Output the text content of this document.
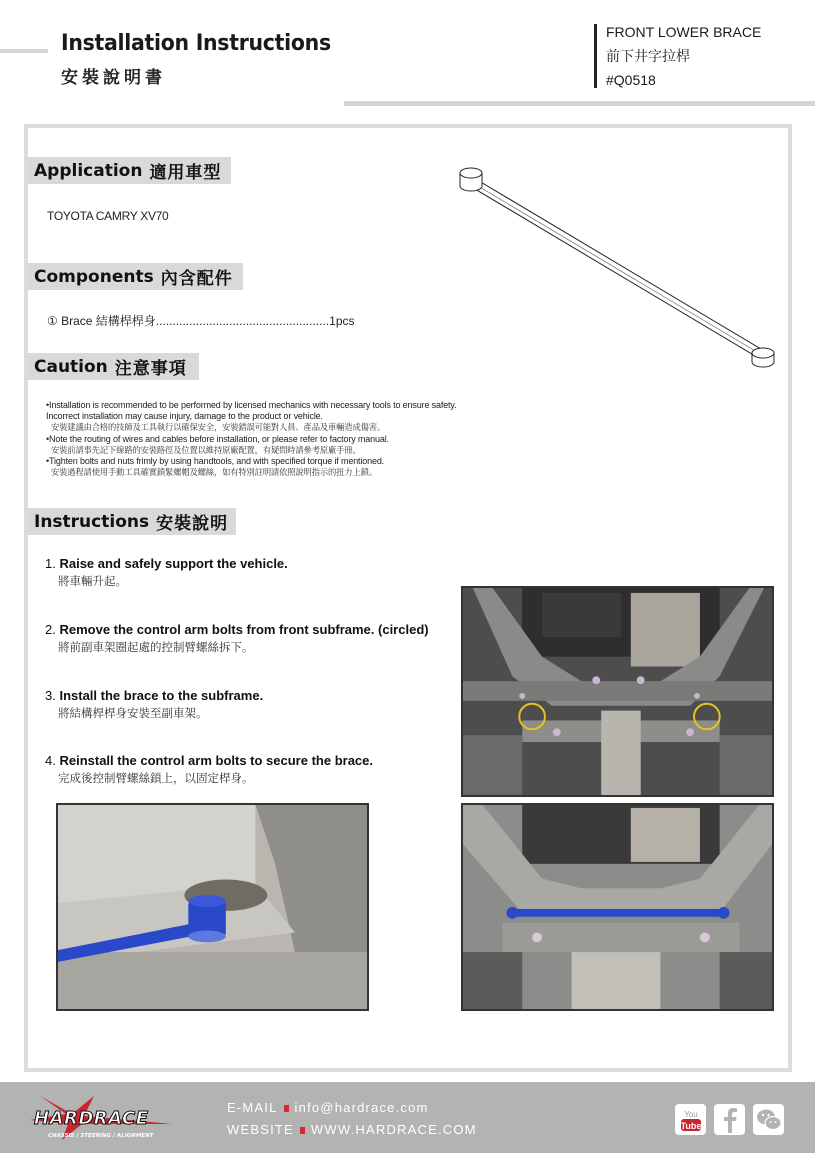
Installation Instructions
安裝說明書
FRONT LOWER BRACE
前下井字拉桿
#Q0518
Application 適用車型
TOYOTA CAMRY XV70
Components 內含配件
① Brace 結構桿桿身....................................................1pcs
Caution 注意事項
•Installation is recommended to be performed by licensed mechanics with necessary tools to ensure safety. Incorrect installation may cause injury, damage to the product or vehicle.
安裝建議由合格的技師及工具執行以確保安全，安裝錯誤可能對人員、產品及車輛造成傷害。
•Note the routing of wires and cables before installation, or please refer to factory manual.
安裝前請事先記下線路的安裝路徑及位置以維持原廠配置，有疑問時請參考原廠手冊。
•Tighten bolts and nuts frimly by using handtools, and with specified torque if mentioned.
安裝過程請使用手動工具確實鎖緊螺帽及螺絲，如有特別註明請依照說明指示的扭力上鎖。
Instructions 安裝說明
1. Raise and safely support the vehicle.
將車輛升起。
2. Remove the control arm bolts from front subframe. (circled)
將前副車架圈起處的控制臂螺絲拆下。
3. Install the brace to the subframe.
將結構桿桿身安裝至副車架。
4. Reinstall the control arm bolts to secure the brace.
完成後控制臂螺絲鎖上，以固定桿身。
HARDRACE
CHASSIS / STEERING / ALIGNMENT
E-MAIL info@hardrace.com
WEBSITE WWW.HARDRACE.COM
You
Tube
